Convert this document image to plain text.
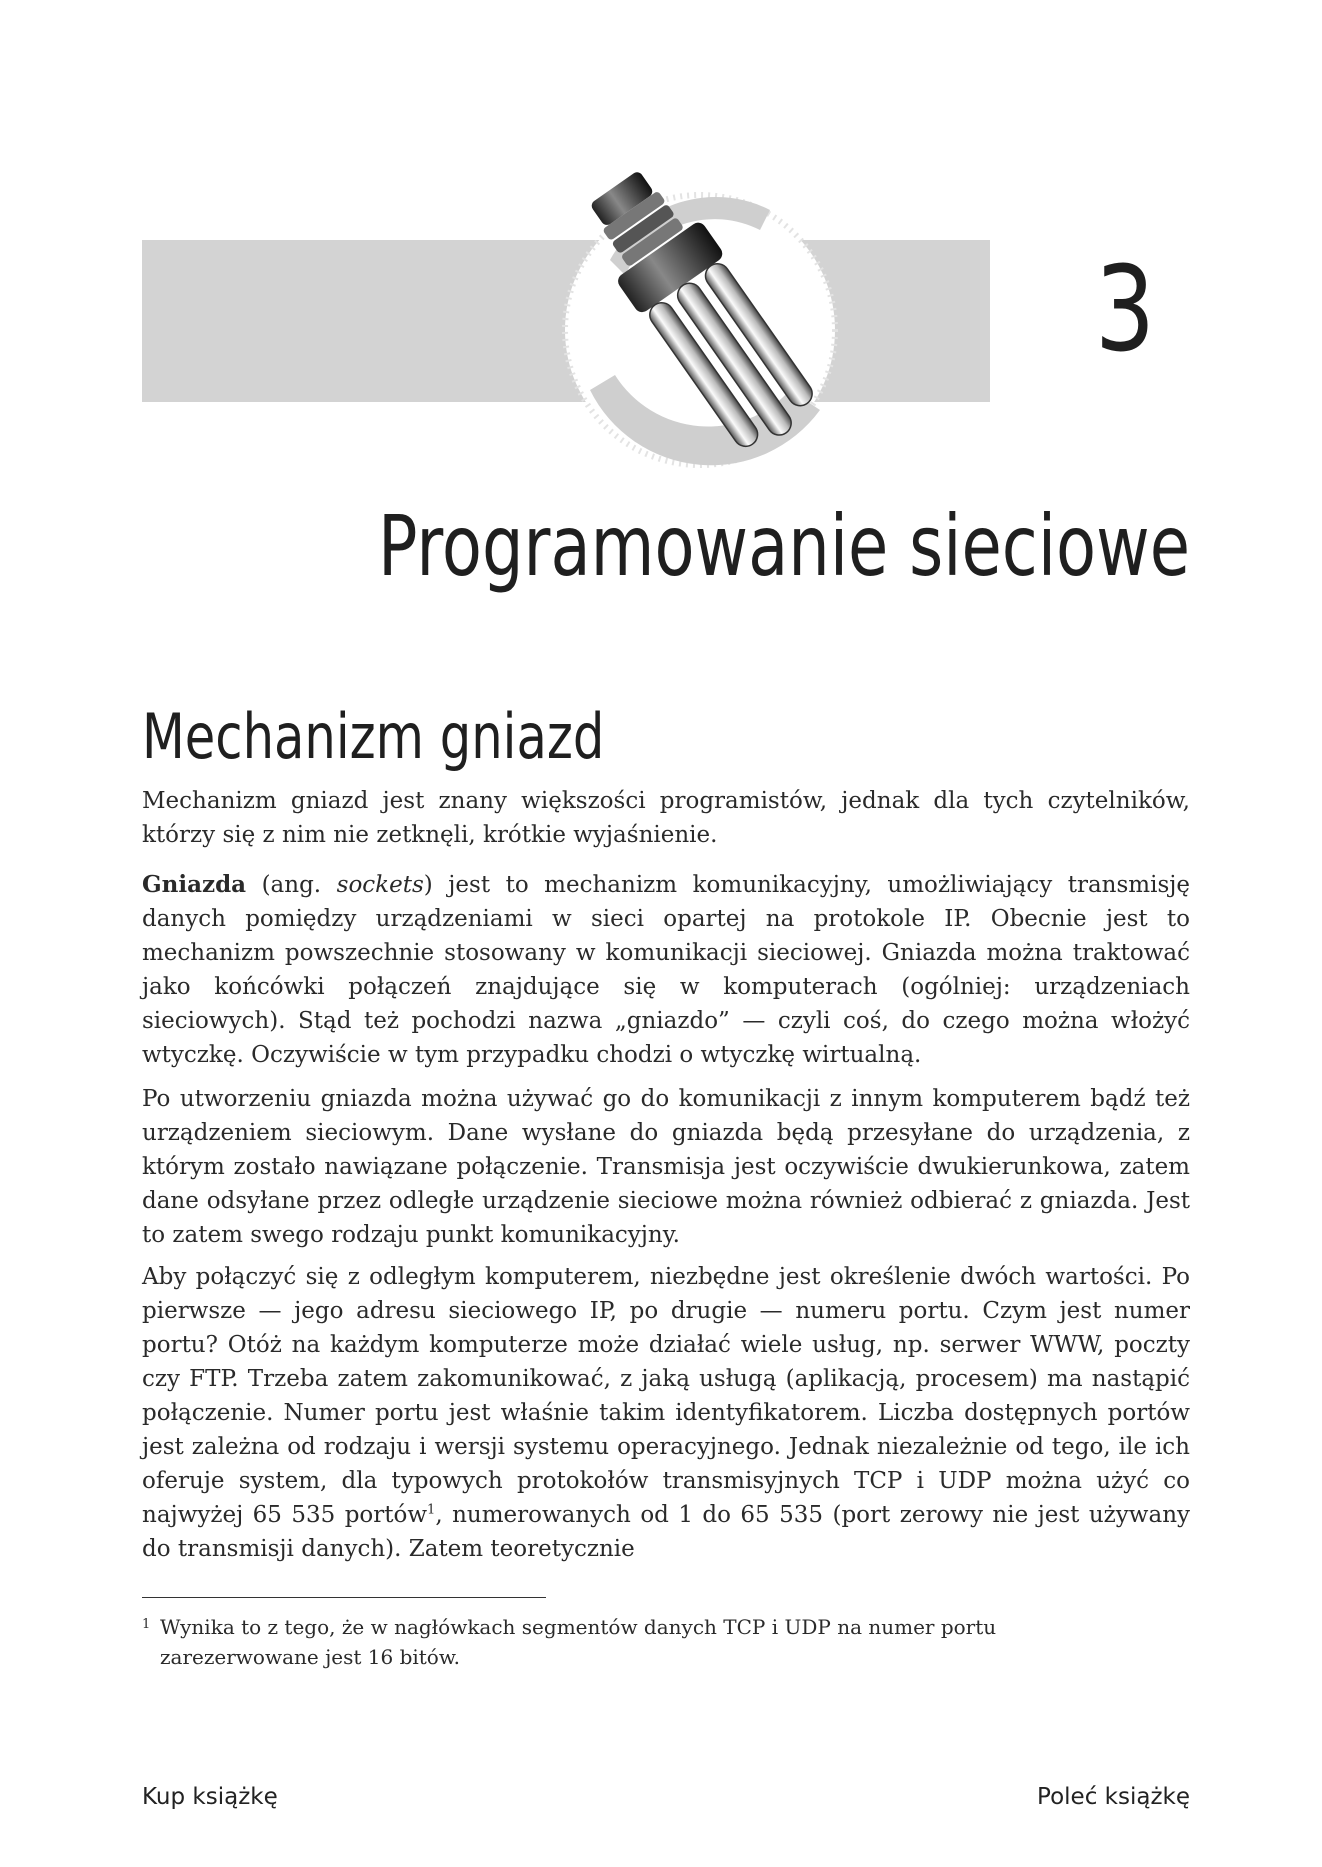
3
Programowanie sieciowe
Mechanizm gniazd

Mechanizm gniazd jest znany większości programistów, jednak dla tych czytelników, którzy się z nim nie zetknęli, krótkie wyjaśnienie.

Gniazda (ang. sockets) jest to mechanizm komunikacyjny, umożliwiający transmisję danych pomiędzy urządzeniami w sieci opartej na protokole IP. Obecnie jest to mechanizm powszechnie stosowany w komunikacji sieciowej. Gniazda można traktować jako końcówki połączeń znajdujące się w komputerach (ogólniej: urządzeniach sieciowych). Stąd też pochodzi nazwa „gniazdo” — czyli coś, do czego można włożyć wtyczkę. Oczywiście w tym przypadku chodzi o wtyczkę wirtualną.

Po utworzeniu gniazda można używać go do komunikacji z innym komputerem bądź też urządzeniem sieciowym. Dane wysłane do gniazda będą przesyłane do urządzenia, z którym zostało nawiązane połączenie. Transmisja jest oczywiście dwukierunkowa, zatem dane odsyłane przez odległe urządzenie sieciowe można również odbierać z gniazda. Jest to zatem swego rodzaju punkt komunikacyjny.

Aby połączyć się z odległym komputerem, niezbędne jest określenie dwóch wartości. Po pierwsze — jego adresu sieciowego IP, po drugie — numeru portu. Czym jest numer portu? Otóż na każdym komputerze może działać wiele usług, np. serwer WWW, poczty czy FTP. Trzeba zatem zakomunikować, z jaką usługą (aplikacją, procesem) ma nastąpić połączenie. Numer portu jest właśnie takim identyfikatorem. Liczba dostępnych portów jest zależna od rodzaju i wersji systemu operacyjnego. Jednak niezależnie od tego, ile ich oferuje system, dla typowych protokołów transmisyjnych TCP i UDP można użyć co najwyżej 65 535 portów$^1$, numerowanych od 1 do 65 535 (port zerowy nie jest używany do transmisji danych). Zatem teoretycznie

1 Wynika to z tego, że w nagłówkach segmentów danych TCP i UDP na numer portu zarezerwowane jest 16 bitów.
Kup książkę	Poleć książkę
